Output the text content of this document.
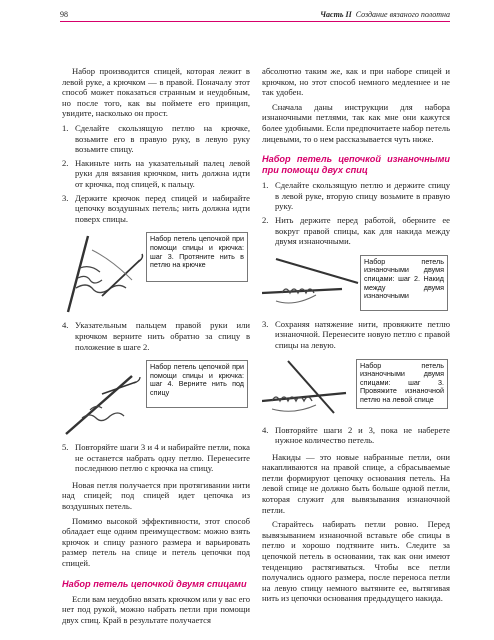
98	Часть II Создание вязаного полотна

Набор производится спицей, которая лежит в левой руке, а крючком — в правой. Поначалу этот способ может показаться странным и неудобным, но после того, как вы поймете его принцип, увидите, насколько он прост.

1. Сделайте скользящую петлю на крючке, возьмите его в правую руку, в левую руку возьмите спицу.
2. Накиньте нить на указательный палец левой руки для вязания крючком, нить должна идти от крючка, под спицей, к пальцу.
3. Держите крючок перед спицей и набирайте цепочку воздушных петель; нить должна идти поверх спицы.
Набор петель цепочкой при помощи спицы и крючка: шаг 3. Протяните нить в петлю на крючке
4. Указательным пальцем правой руки или крючком верните нить обратно за спицу в положение в шаге 2.
Набор петель цепочкой при помощи спицы и крючка: шаг 4. Верните нить под спицу
5. Повторяйте шаги 3 и 4 и набирайте петли, пока не останется набрать одну петлю. Перенесите последнюю петлю с крючка на спицу.

Новая петля получается при протягивании нити над спицей; под спицей идет цепочка из воздушных петель.

Помимо высокой эффективности, этот способ обладает еще одним преимуществом: можно взять крючок и спицу разного размера и варьировать размер петель на спице и петель цепочки под спицей.

Набор петель цепочкой двумя спицами

Если вам неудобно вязать крючком или у вас его нет под рукой, можно набрать петли при помощи двух спиц. Край в результате получается

абсолютно таким же, как и при наборе спицей и крючком, но этот способ немного медленнее и не так удобен.

Сначала даны инструкции для набора изнаночными петлями, так как мне они кажутся более удобными. Если предпочитаете набор петель лицевыми, то о нем рассказывается чуть ниже.

Набор петель цепочкой изнаночными при помощи двух спиц
1. Сделайте скользящую петлю и держите спицу в левой руке, вторую спицу возьмите в правую руку.
2. Нить держите перед работой, оберните ее вокруг правой спицы, как для накида между двумя изнаночными.
Набор петель изнаночными двумя спицами: шаг 2. Накид между двумя изнаночными
3. Сохраняя натяжение нити, провяжите петлю изнаночной. Перенесите новую петлю с правой спицы на левую.
Набор петель изнаночными двумя спицами: шаг 3. Провяжите изнаночной петлю на левой спице
4. Повторяйте шаги 2 и 3, пока не наберете нужное количество петель.

Накиды — это новые набранные петли, они накапливаются на правой спице, а сбрасываемые петли формируют цепочку основания петель. На левой спице не должно быть больше одной петли, которая служит для вывязывания изнаночной петли.

Старайтесь набирать петли ровно. Перед вывязыванием изнаночной вставьте обе спицы в петлю и хорошо подтяните нить. Следите за цепочкой петель в основании, так как они имеют тенденцию растягиваться. Чтобы все петли получались одного размера, после переноса петли на левую спицу немного вытяните ее, вытягивая нить из цепочки основания предыдущего накида.
